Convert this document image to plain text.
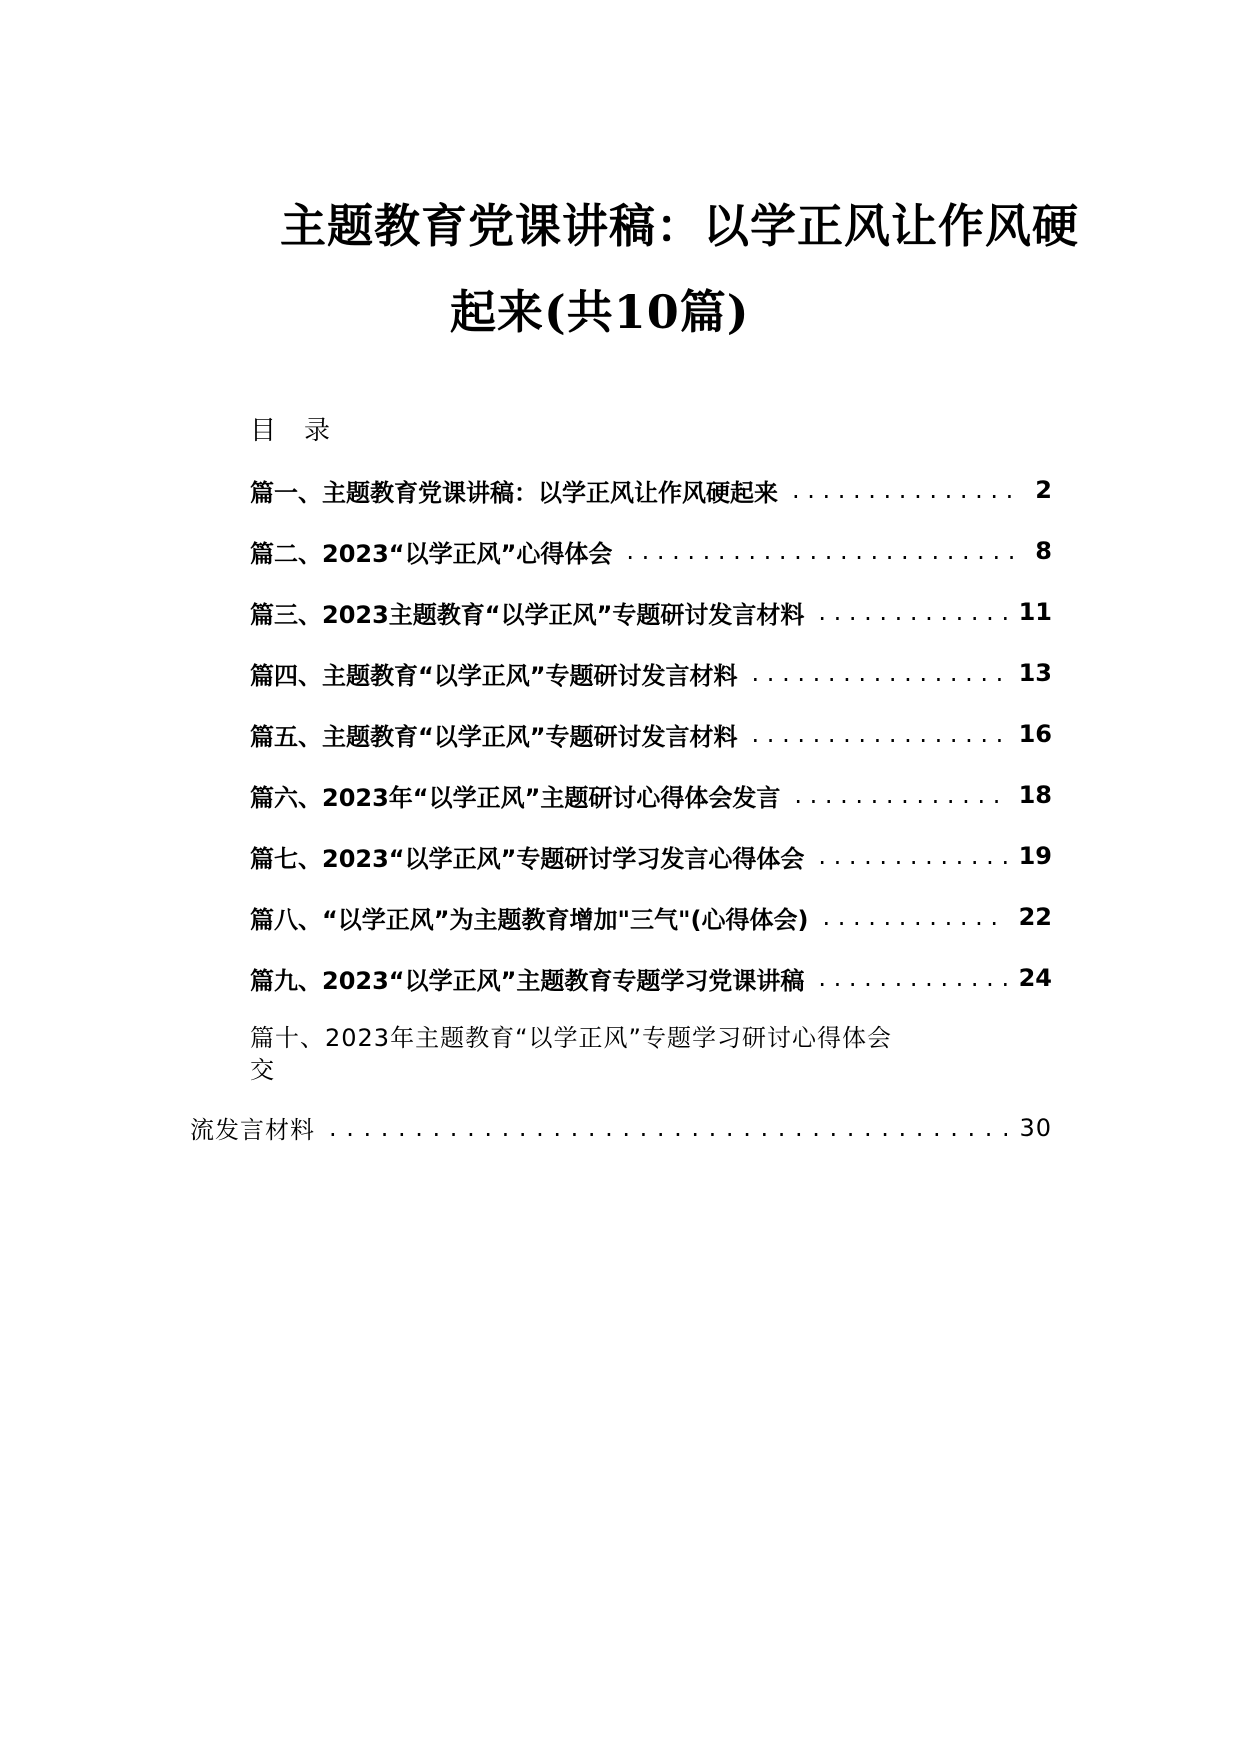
主题教育党课讲稿：以学正风让作风硬
起来(共10篇)
目录
篇一、主题教育党课讲稿：以学正风让作风硬起来 . . .	2
篇二、2023“以学正风”心得体会 . . .	8
篇三、2023主题教育“以学正风”专题研讨发言材料 . . .	11
篇四、主题教育“以学正风”专题研讨发言材料 . . .	13
篇五、主题教育“以学正风”专题研讨发言材料 . . .	16
篇六、2023年“以学正风”主题研讨心得体会发言 . . .	18
篇七、2023“以学正风”专题研讨学习发言心得体会 . . .	19
篇八、“以学正风”为主题教育增加"三气"(心得体会) . . .	22
篇九、2023“以学正风”主题教育专题学习党课讲稿 . . .	24
篇十、2023年主题教育“以学正风”专题学习研讨心得体会
交
流发言材料 . . .	30
